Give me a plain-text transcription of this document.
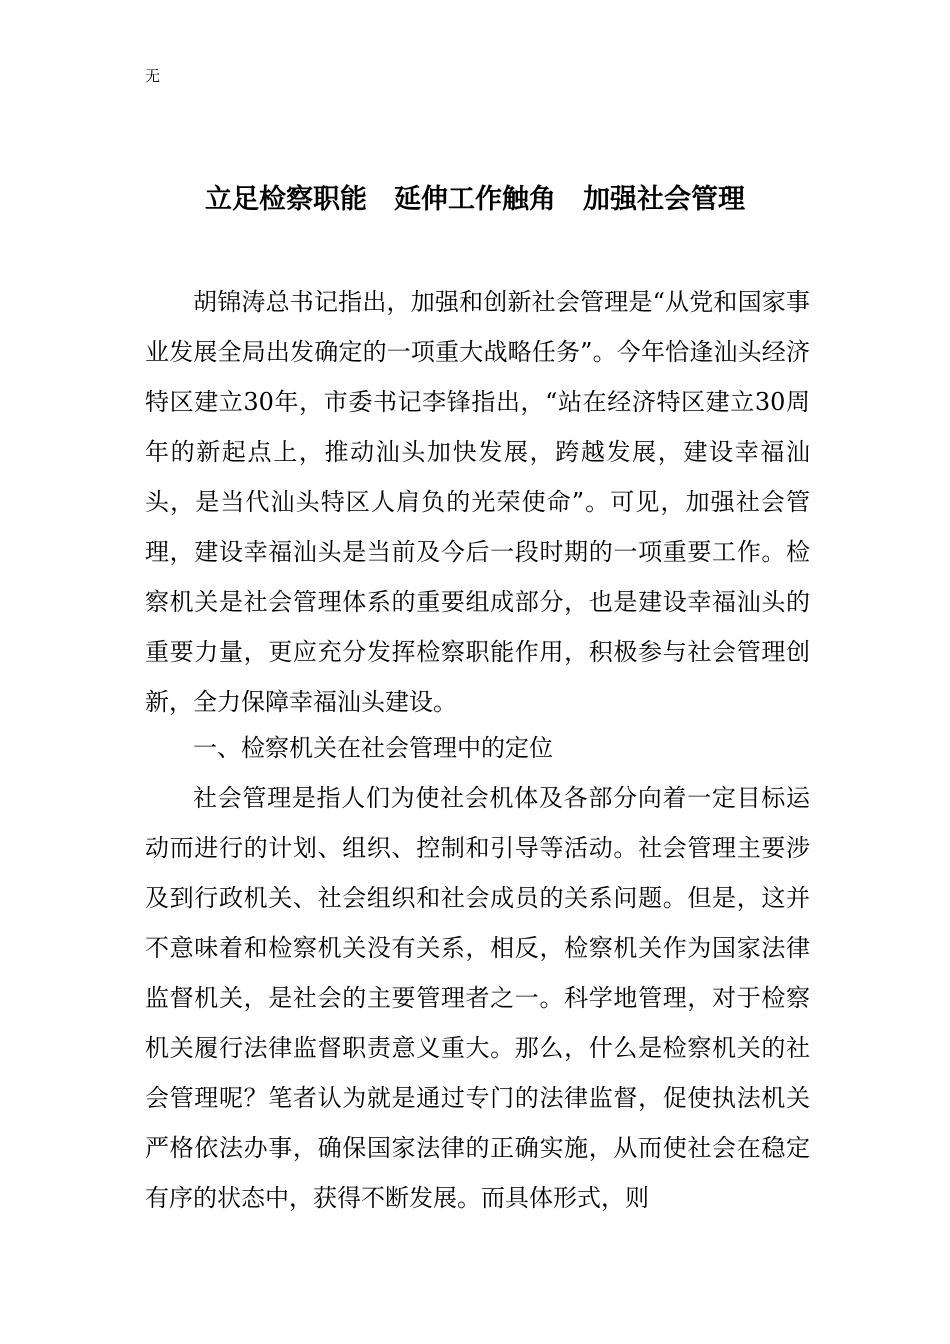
无
立足检察职能　延伸工作触角　加强社会管理

胡锦涛总书记指出，加强和创新社会管理是“从党和国家事业发展全局出发确定的一项重大战略任务”。今年恰逢汕头经济特区建立30年，市委书记李锋指出，“站在经济特区建立30周年的新起点上，推动汕头加快发展，跨越发展，建设幸福汕头，是当代汕头特区人肩负的光荣使命”。可见，加强社会管理，建设幸福汕头是当前及今后一段时期的一项重要工作。检察机关是社会管理体系的重要组成部分，也是建设幸福汕头的重要力量，更应充分发挥检察职能作用，积极参与社会管理创新，全力保障幸福汕头建设。

一、检察机关在社会管理中的定位

社会管理是指人们为使社会机体及各部分向着一定目标运动而进行的计划、组织、控制和引导等活动。社会管理主要涉及到行政机关、社会组织和社会成员的关系问题。但是，这并不意味着和检察机关没有关系，相反，检察机关作为国家法律监督机关，是社会的主要管理者之一。科学地管理，对于检察机关履行法律监督职责意义重大。那么，什么是检察机关的社会管理呢？笔者认为就是通过专门的法律监督，促使执法机关严格依法办事，确保国家法律的正确实施，从而使社会在稳定有序的状态中，获得不断发展。而具体形式，则
